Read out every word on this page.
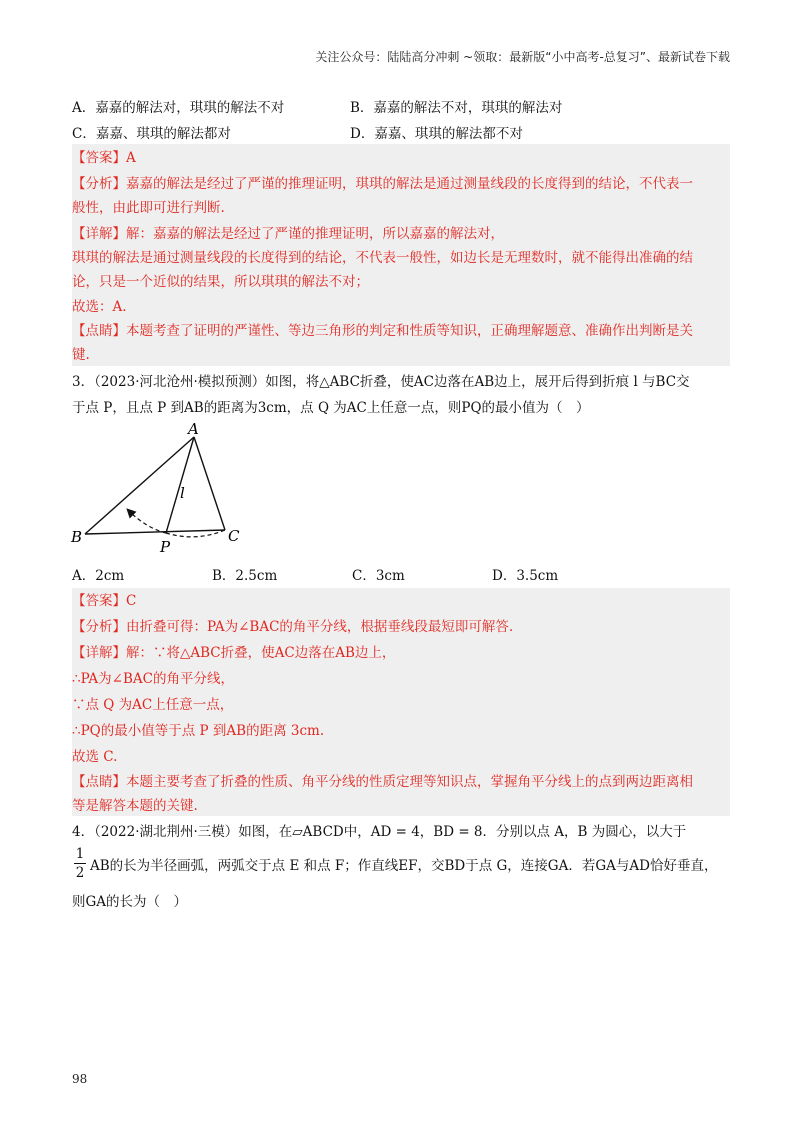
关注公众号：陆陆高分冲刺 ~领取：最新版“小中高考-总复习”、最新试卷下载
A．嘉嘉的解法对，琪琪的解法不对	B．嘉嘉的解法不对，琪琪的解法对
C．嘉嘉、琪琪的解法都对	D．嘉嘉、琪琪的解法都不对
【答案】A
【分析】嘉嘉的解法是经过了严谨的推理证明，琪琪的解法是通过测量线段的长度得到的结论，不代表一
般性，由此即可进行判断.
【详解】解：嘉嘉的解法是经过了严谨的推理证明，所以嘉嘉的解法对，
琪琪的解法是通过测量线段的长度得到的结论，不代表一般性，如边长是无理数时，就不能得出准确的结
论，只是一个近似的结果，所以琪琪的解法不对；
故选：A.
【点睛】本题考查了证明的严谨性、等边三角形的判定和性质等知识，正确理解题意、准确作出判断是关
键.
3．（2023·河北沧州·模拟预测）如图，将△ABC折叠，使AC边落在AB边上，展开后得到折痕 l 与BC交
于点 P，且点 P 到AB的距离为3cm，点 Q 为AC上任意一点，则PQ的最小值为（　）
A
B	C
P
l
A．2cm	B．2.5cm	C．3cm	D．3.5cm
【答案】C
【分析】由折叠可得：PA为∠BAC的角平分线，根据垂线段最短即可解答.
【详解】解：∵将△ABC折叠，使AC边落在AB边上，
∴PA为∠BAC的角平分线，
∵点 Q 为AC上任意一点，
∴PQ的最小值等于点 P 到AB的距离 3cm.
故选 C.
【点睛】本题主要考查了折叠的性质、角平分线的性质定理等知识点，掌握角平分线上的点到两边距离相
等是解答本题的关键.
4．（2022·湖北荆州·三模）如图，在▱ABCD中，AD = 4，BD = 8．分别以点 A，B 为圆心，以大于
1
2 AB的长为半径画弧，两弧交于点 E 和点 F；作直线EF，交BD于点 G，连接GA．若GA与AD恰好垂直，
则GA的长为（　）
98
